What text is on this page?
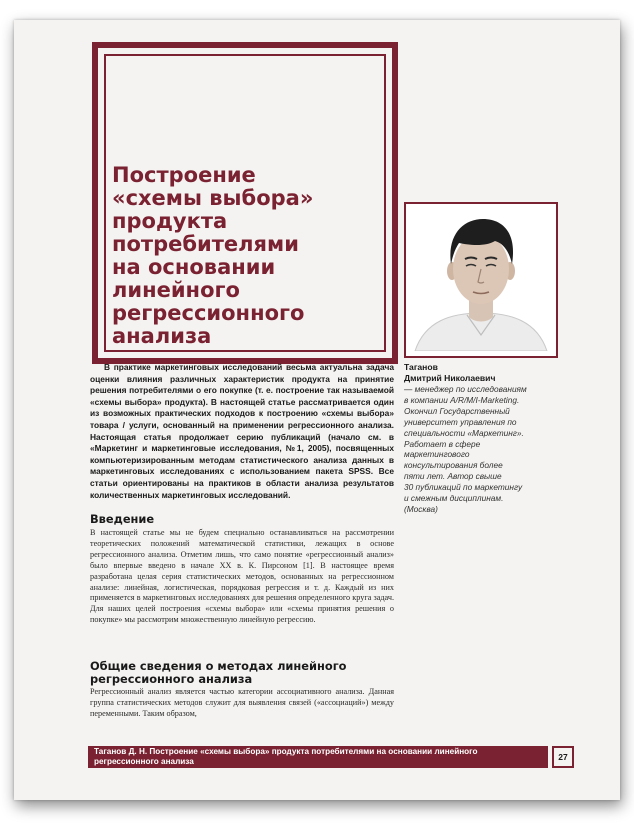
Построение
«схемы выбора»
продукта
потребителями
на основании
линейного
регрессионного
анализа

В практике маркетинговых исследований весьма актуальна задача оценки влияния различных характеристик продукта на принятие решения потребителями о его покупке (т. е. построение так называемой «схемы выбора» продукта). В настоящей статье рассматривается один из возможных практических подходов к построению «схемы выбора» товара / услуги, основанный на применении регрессионного анализа. Настоящая статья продолжает серию публикаций (начало см. в «Маркетинг и маркетинговые исследования, №1, 2005), посвященных компьютеризированным методам статистического анализа данных в маркетинговых исследованиях с использованием пакета SPSS. Все статьи ориентированы на практиков в области анализа результатов количественных маркетинговых исследований.

Введение

В настоящей статье мы не будем специально останавливаться на рассмотрении теоретических положений математической статистики, лежащих в основе регрессионного анализа. Отметим лишь, что само понятие «регрессионный анализ» было впервые введено в начале XX в. К. Пирсоном [1]. В настоящее время разработана целая серия статистических методов, основанных на регрессионном анализе: линейная, логистическая, порядковая регрессия и т. д. Каждый из них применяется в маркетинговых исследованиях для решения определенного круга задач. Для наших целей построения «схемы выбора» или «схемы принятия решения о покупке» мы рассмотрим множественную линейную регрессию.

Общие сведения о методах линейного регрессионного анализа

Регрессионный анализ является частью категории ассоциативного анализа. Данная группа статистических методов служит для выявления связей («ассоциаций») между переменными. Таким образом,

Таганов
Дмитрий Николаевич

— менеджер по исследованиям
в компании A/R/M/I-Marketing.
Окончил Государственный
университет управления по
специальности «Маркетинг».
Работает в сфере
маркетингового
консультирования более
пяти лет. Автор свыше
30 публикаций по маркетингу
и смежным дисциплинам.
(Москва)

Таганов Д. Н. Построение «схемы выбора» продукта потребителями на основании линейного регрессионного анализа	27
